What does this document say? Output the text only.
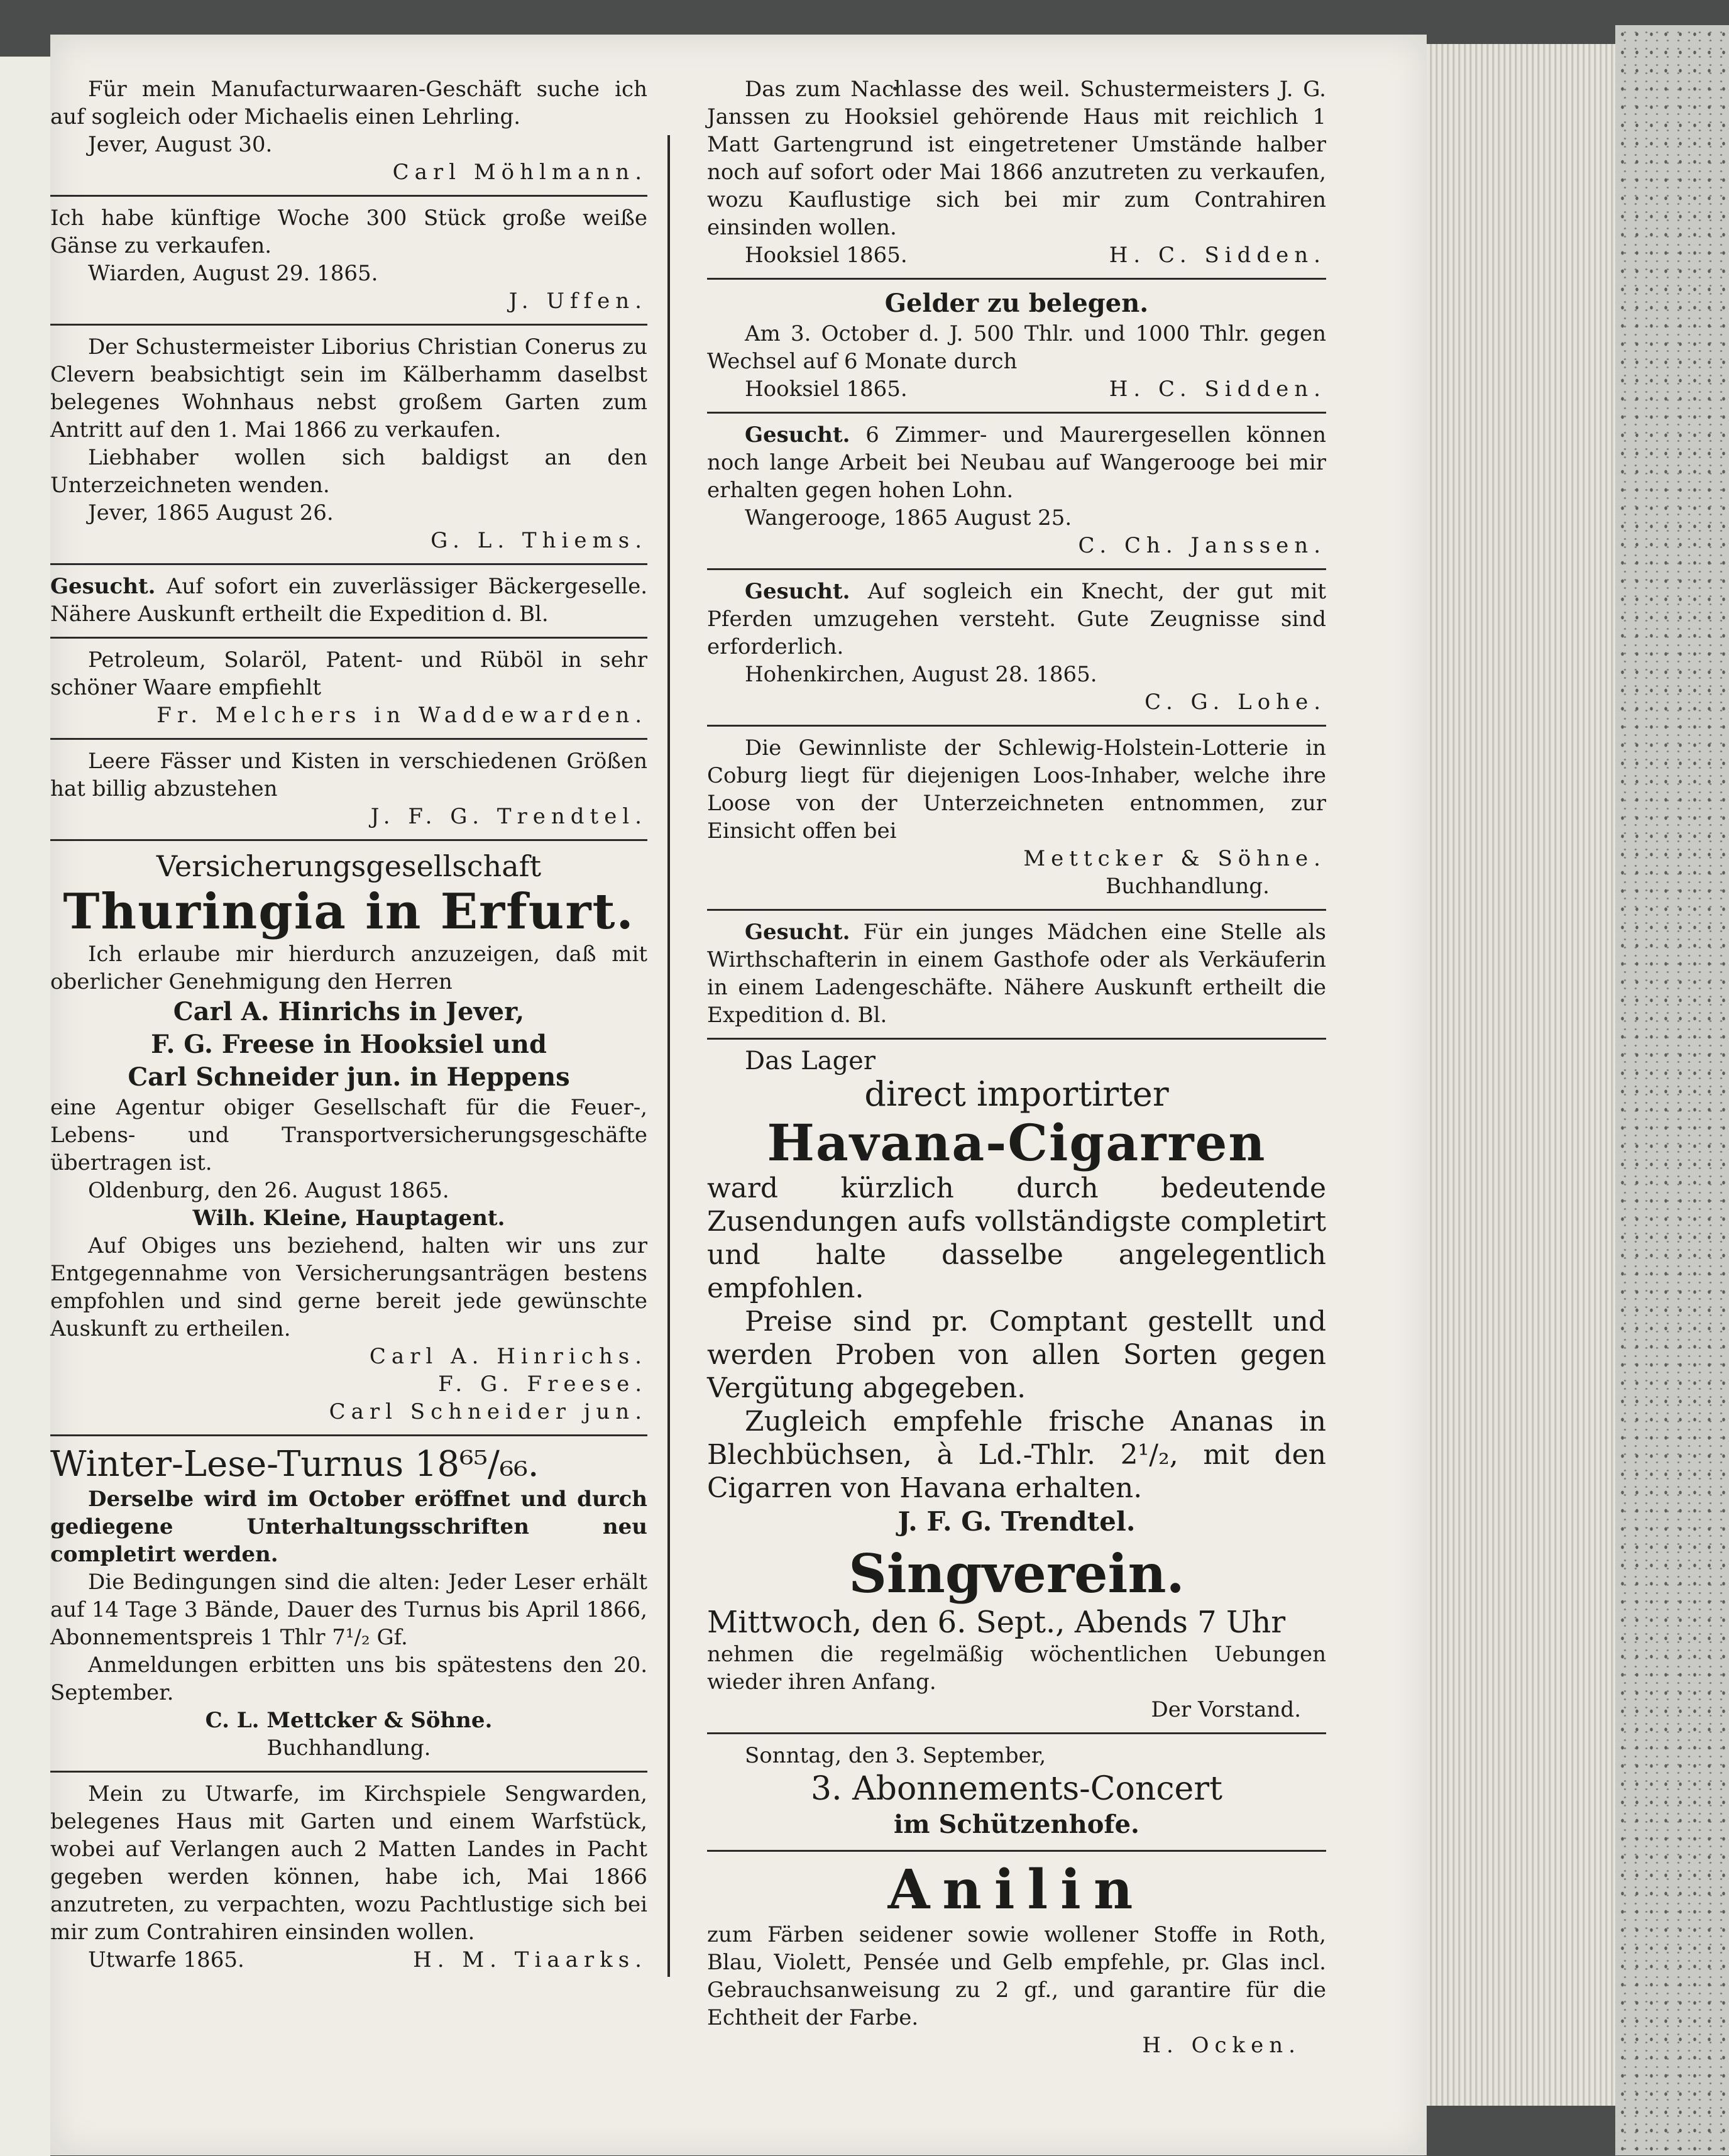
Für mein Manufacturwaaren-Geschäft suche ich auf sogleich oder Michaelis einen Lehrling.

Jever, August 30.

Carl Möhlmann.

Ich habe künftige Woche 300 Stück große weiße Gänse zu verkaufen.

Wiarden, August 29. 1865.

J. Uffen.

Der Schustermeister Liborius Christian Conerus zu Clevern beabsichtigt sein im Kälberhamm daselbst belegenes Wohnhaus nebst großem Garten zum Antritt auf den 1. Mai 1866 zu verkaufen.

Liebhaber wollen sich baldigst an den Unterzeichneten wenden.

Jever, 1865 August 26.

G. L. Thiems.

Gesucht. Auf sofort ein zuverlässiger Bäckergeselle. Nähere Auskunft ertheilt die Expedition d. Bl.

Petroleum, Solaröl, Patent- und Rüböl in sehr schöner Waare empfiehlt

Fr. Melchers in Waddewarden.

Leere Fässer und Kisten in verschiedenen Größen hat billig abzustehen

J. F. G. Trendtel.

Versicherungsgesellschaft

Thuringia in Erfurt.

Ich erlaube mir hierdurch anzuzeigen, daß mit oberlicher Genehmigung den Herren

Carl A. Hinrichs in Jever,

F. G. Freese in Hooksiel und

Carl Schneider jun. in Heppens

eine Agentur obiger Gesellschaft für die Feuer-, Lebens- und Transportversicherungsgeschäfte übertragen ist.

Oldenburg, den 26. August 1865.

Wilh. Kleine, Hauptagent.

Auf Obiges uns beziehend, halten wir uns zur Entgegennahme von Versicherungsanträgen bestens empfohlen und sind gerne bereit jede gewünschte Auskunft zu ertheilen.

Carl A. Hinrichs.

F. G. Freese.

Carl Schneider jun.

Winter-Lese-Turnus 18⁶⁵/₆₆.

Derselbe wird im October eröffnet und durch gediegene Unterhaltungsschriften neu completirt werden.

Die Bedingungen sind die alten: Jeder Leser erhält auf 14 Tage 3 Bände, Dauer des Turnus bis April 1866, Abonnementspreis 1 Thlr 7¹/₂ Gf.

Anmeldungen erbitten uns bis spätestens den 20. September.

C. L. Mettcker & Söhne.

Buchhandlung.

Mein zu Utwarfe, im Kirchspiele Sengwarden, belegenes Haus mit Garten und einem Warfstück, wobei auf Verlangen auch 2 Matten Landes in Pacht gegeben werden können, habe ich, Mai 1866 anzutreten, zu verpachten, wozu Pachtlustige sich bei mir zum Contrahiren einsinden wollen.

Utwarfe 1865.	H. M. Tiaarks.

Das zum Nachlasse des weil. Schustermeisters J. G. Janssen zu Hooksiel gehörende Haus mit reichlich 1 Matt Gartengrund ist eingetretener Umstände halber noch auf sofort oder Mai 1866 anzutreten zu verkaufen, wozu Kauflustige sich bei mir zum Contrahiren einsinden wollen.

Hooksiel 1865.	H. C. Sidden.

Gelder zu belegen.

Am 3. October d. J. 500 Thlr. und 1000 Thlr. gegen Wechsel auf 6 Monate durch

Hooksiel 1865.	H. C. Sidden.

Gesucht. 6 Zimmer- und Maurergesellen können noch lange Arbeit bei Neubau auf Wangerooge bei mir erhalten gegen hohen Lohn.

Wangerooge, 1865 August 25.

C. Ch. Janssen.

Gesucht. Auf sogleich ein Knecht, der gut mit Pferden umzugehen versteht. Gute Zeugnisse sind erforderlich.

Hohenkirchen, August 28. 1865.

C. G. Lohe.

Die Gewinnliste der Schlewig-Holstein-Lotterie in Coburg liegt für diejenigen Loos-Inhaber, welche ihre Loose von der Unterzeichneten entnommen, zur Einsicht offen bei

Mettcker & Söhne.

Buchhandlung.

Gesucht. Für ein junges Mädchen eine Stelle als Wirthschafterin in einem Gasthofe oder als Verkäuferin in einem Ladengeschäfte. Nähere Auskunft ertheilt die Expedition d. Bl.

Das Lager

direct importirter

Havana-Cigarren

ward kürzlich durch bedeutende Zusendungen aufs vollständigste completirt und halte dasselbe angelegentlich empfohlen.

Preise sind pr. Comptant gestellt und werden Proben von allen Sorten gegen Vergütung abgegeben.

Zugleich empfehle frische Ananas in Blechbüchsen, à Ld.-Thlr. 2¹/₂, mit den Cigarren von Havana erhalten.

J. F. G. Trendtel.

Singverein.

Mittwoch, den 6. Sept., Abends 7 Uhr

nehmen die regelmäßig wöchentlichen Uebungen wieder ihren Anfang.

Der Vorstand.

Sonntag, den 3. September,

3. Abonnements-Concert

im Schützenhofe.

Anilin

zum Färben seidener sowie wollener Stoffe in Roth, Blau, Violett, Pensée und Gelb empfehle, pr. Glas incl. Gebrauchsanweisung zu 2 gf., und garantire für die Echtheit der Farbe.

H. Ocken.
